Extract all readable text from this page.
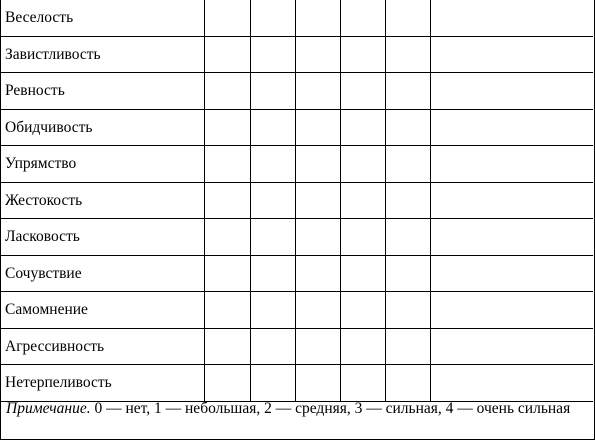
Веселость						
Завистливость						
Ревность						
Обидчивость						
Упрямство						
Жестокость						
Ласковость						
Сочувствие						
Самомнение						
Агрессивность						
Нетерпеливость						
Примечание. 0 — нет, 1 — небольшая, 2 — средняя, 3 — сильная, 4 — очень сильная
